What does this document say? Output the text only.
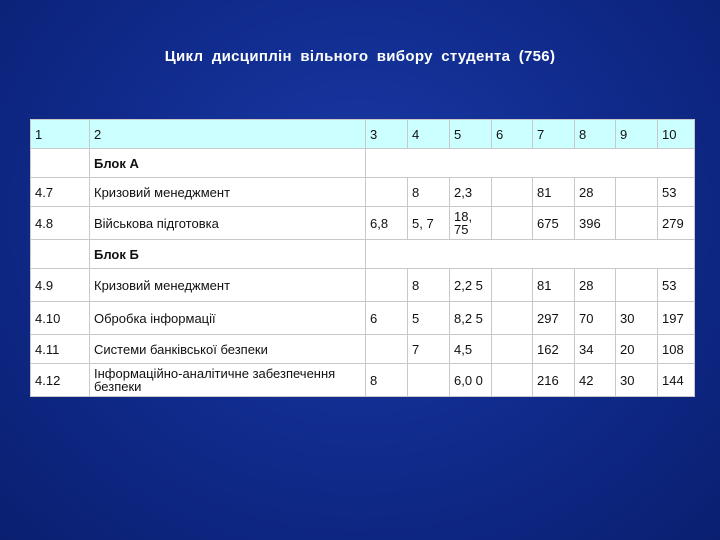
Цикл дисциплін вільного вибору студента (756)
1	2	3	4	5	6	7	8	9	10
	Блок А								
4.7	Кризовий менеджмент		8	2,3		81	28		53
4.8	Військова підготовка	6,8	5, 7	18, 75		675	396		279
	Блок Б								
4.9	Кризовий менеджмент		8	2,2 5		81	28		53
4.10	Обробка інформації	6	5	8,2 5		297	70	30	197
4.11	Системи банківської безпеки		7	4,5		162	34	20	108
4.12	Інформаційно-аналітичне забезпечення безпеки	8		6,0 0		216	42	30	144
